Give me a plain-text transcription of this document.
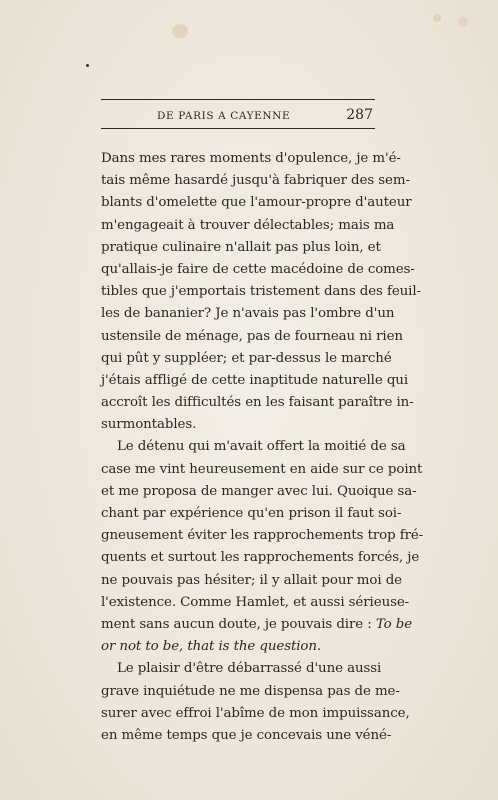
DE PARIS A CAYENNE	287
Dans mes rares moments d'opulence, je m'é-
tais même hasardé jusqu'à fabriquer des sem-
blants d'omelette que l'amour-propre d'auteur
m'engageait à trouver délectables; mais ma
pratique culinaire n'allait pas plus loin, et
qu'allais-je faire de cette macédoine de comes-
tibles que j'emportais tristement dans des feuil-
les de bananier? Je n'avais pas l'ombre d'un
ustensile de ménage, pas de fourneau ni rien
qui pût y suppléer; et par-dessus le marché
j'étais affligé de cette inaptitude naturelle qui
accroît les difficultés en les faisant paraître in-
surmontables.
Le détenu qui m'avait offert la moitié de sa
case me vint heureusement en aide sur ce point
et me proposa de manger avec lui. Quoique sa-
chant par expérience qu'en prison il faut soi-
gneusement éviter les rapprochements trop fré-
quents et surtout les rapprochements forcés, je
ne pouvais pas hésiter; il y allait pour moi de
l'existence. Comme Hamlet, et aussi sérieuse-
ment sans aucun doute, je pouvais dire : To be
or not to be, that is the question.
Le plaisir d'être débarrassé d'une aussi
grave inquiétude ne me dispensa pas de me-
surer avec effroi l'abîme de mon impuissance,
en même temps que je concevais une véné-
